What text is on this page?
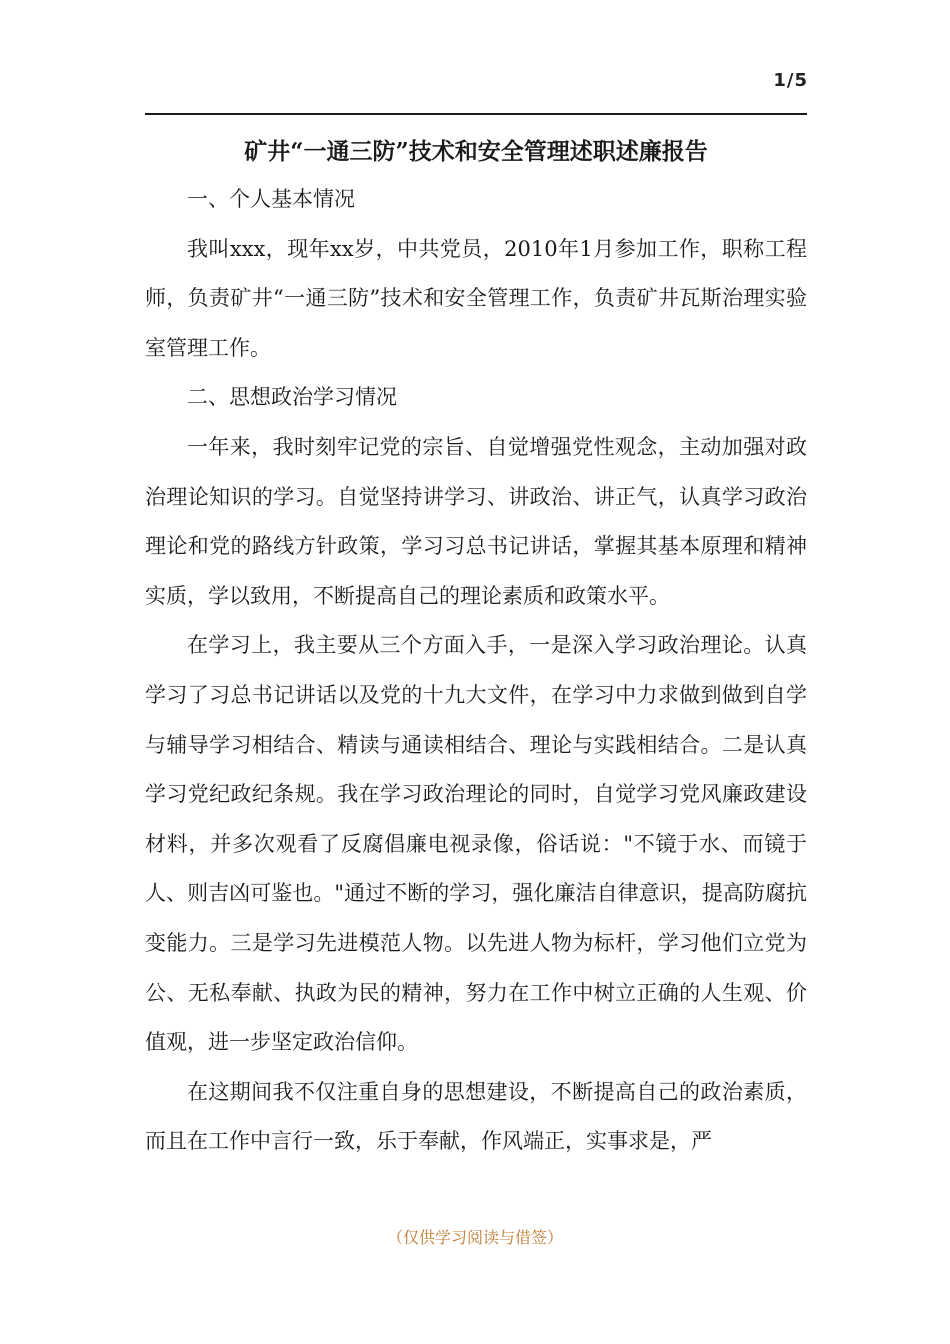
1/5
矿井“一通三防”技术和安全管理述职述廉报告

一、个人基本情况

我叫xxx，现年xx岁，中共党员，2010年1月参加工作，职称工程师，负责矿井“一通三防”技术和安全管理工作，负责矿井瓦斯治理实验室管理工作。

二、思想政治学习情况

一年来，我时刻牢记党的宗旨、自觉增强党性观念，主动加强对政治理论知识的学习。自觉坚持讲学习、讲政治、讲正气，认真学习政治理论和党的路线方针政策，学习习总书记讲话，掌握其基本原理和精神实质，学以致用，不断提高自己的理论素质和政策水平。

在学习上，我主要从三个方面入手，一是深入学习政治理论。认真学习了习总书记讲话以及党的十九大文件，在学习中力求做到做到自学与辅导学习相结合、精读与通读相结合、理论与实践相结合。二是认真学习党纪政纪条规。我在学习政治理论的同时，自觉学习党风廉政建设材料，并多次观看了反腐倡廉电视录像，俗话说："不镜于水、而镜于人、则吉凶可鉴也。"通过不断的学习，强化廉洁自律意识，提高防腐抗变能力。三是学习先进模范人物。以先进人物为标杆，学习他们立党为公、无私奉献、执政为民的精神，努力在工作中树立正确的人生观、价值观，进一步坚定政治信仰。

在这期间我不仅注重自身的思想建设，不断提高自己的政治素质，而且在工作中言行一致，乐于奉献，作风端正，实事求是，严

（仅供学习阅读与借签）
